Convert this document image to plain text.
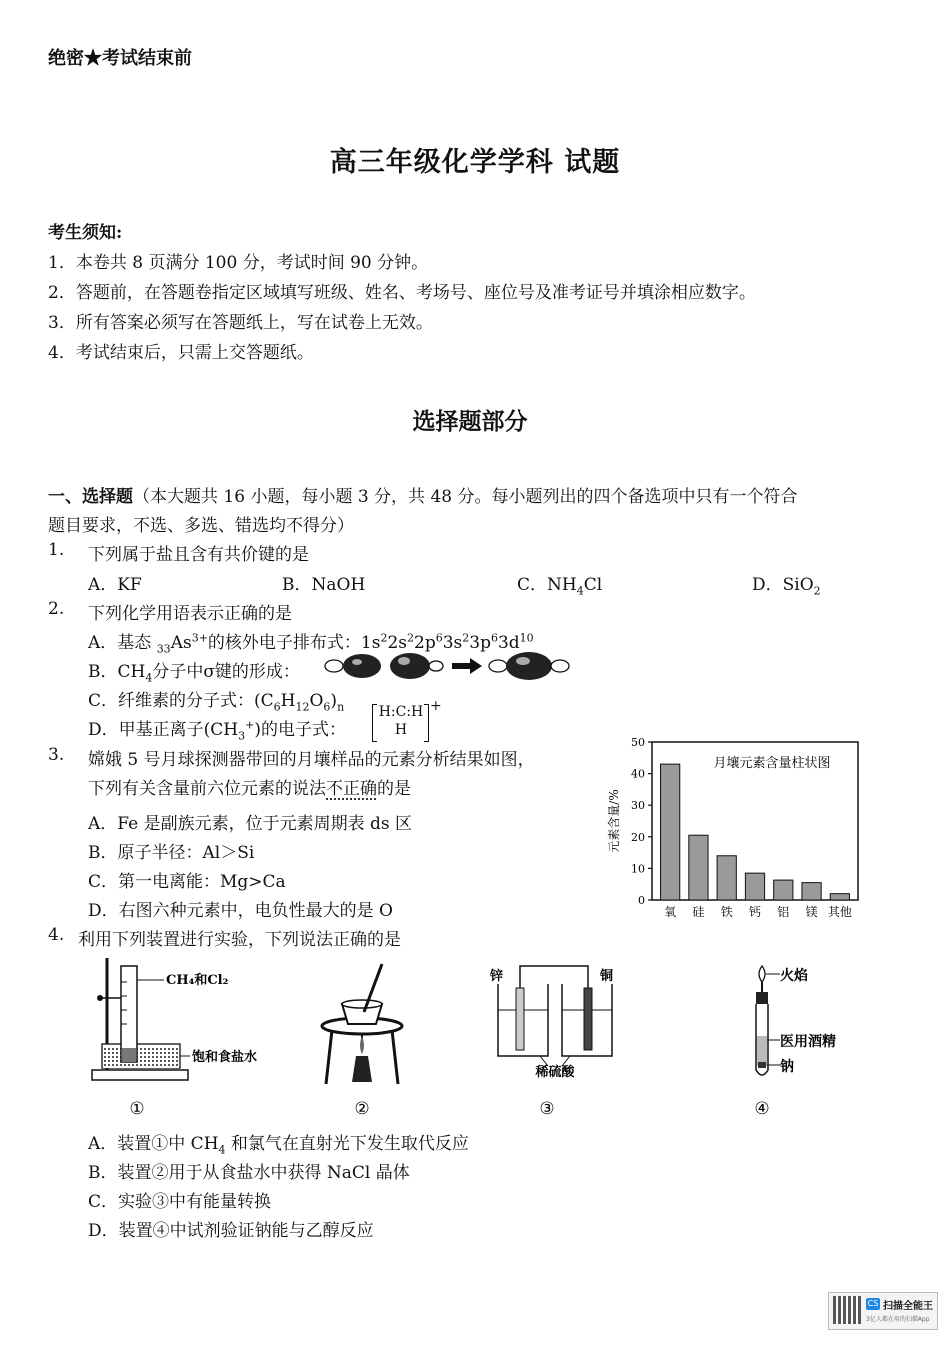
绝密★考试结束前
高三年级化学学科 试题
考生须知:
1．本卷共 8 页满分 100 分，考试时间 90 分钟。
2．答题前，在答题卷指定区域填写班级、姓名、考场号、座位号及准考证号并填涂相应数字。
3．所有答案必须写在答题纸上，写在试卷上无效。
4．考试结束后，只需上交答题纸。
选择题部分
一、选择题（本大题共 16 小题，每小题 3 分，共 48 分。每小题列出的四个备选项中只有一个符合
题目要求，不选、多选、错选均不得分）
1. 下列属于盐且含有共价键的是
A．KF	B．NaOH	C．$NH_4Cl$	D．SiO$_2$
2. 下列化学用语表示正确的是
A．基态 $_{33}As^{3+}$的核外电子排布式：$1s^22s^22p^63s^23p^63d^{10}$
B．$CH_4$分子中σ键的形成：
C．纤维素的分子式：$(C_6H_{12}O_6)_n$
D．甲基正离子$(CH_3^+)$的电子式：
H:C:H
H
+
3. 嫦娥 5 号月球探测器带回的月壤样品的元素分析结果如图，
下列有关含量前六位元素的说法不正确的是
A．Fe 是副族元素，位于元素周期表 ds 区
B．原子半径：Al＞Si
C．第一电离能：Mg>Ca
D．右图六种元素中，电负性最大的是 O
月壤元素含量柱状图
元素含量/%
0
10
20
30
40
50
氧 硅 铁 钙 铝 镁 其他
4. 利用下列装置进行实验，下列说法正确的是
CH₄和Cl₂
饱和食盐水
①	②
锌	铜
稀硫酸
③
火焰
医用酒精
钠
④
A．装置①中 $CH_4$ 和氯气在直射光下发生取代反应
B．装置②用于从食盐水中获得 NaCl 晶体
C．实验③中有能量转换
D．装置④中试剂验证钠能与乙醇反应
CS 扫描全能王
3亿人都在用的扫描App
